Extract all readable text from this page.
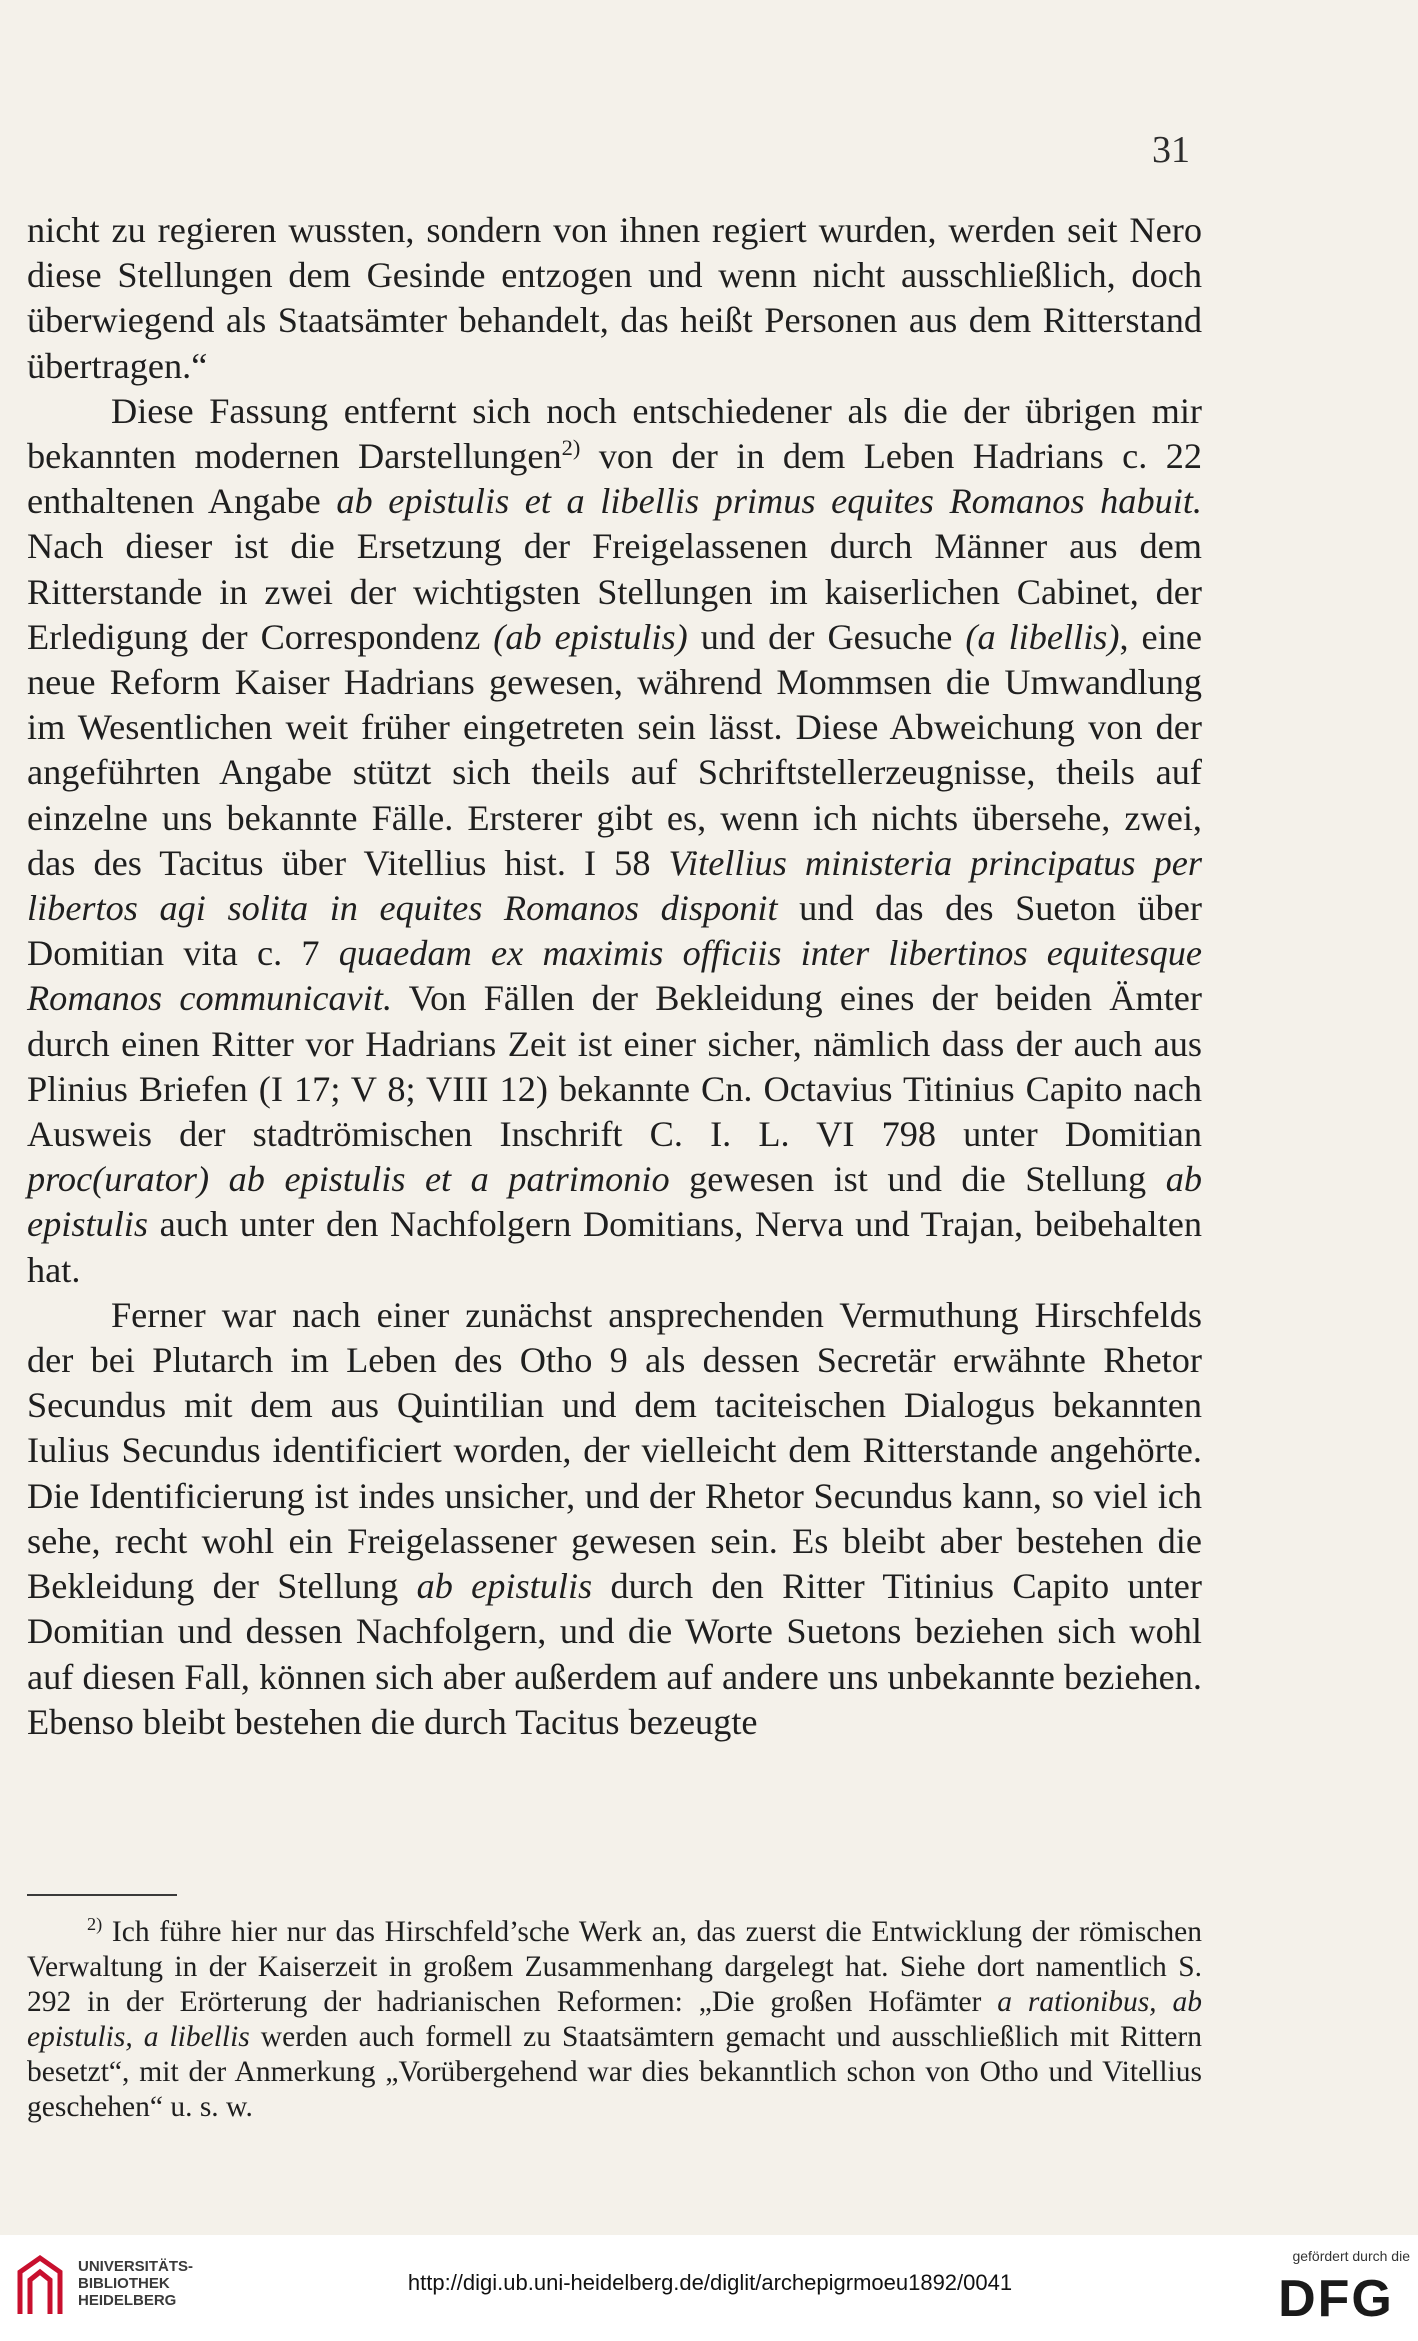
31

nicht zu regieren wussten, sondern von ihnen regiert wurden, werden seit Nero diese Stellungen dem Gesinde entzogen und wenn nicht ausschließlich, doch überwiegend als Staatsämter behandelt, das heißt Personen aus dem Ritterstand übertragen.“

Diese Fassung entfernt sich noch entschiedener als die der übrigen mir bekannten modernen Darstellungen$^{2)}$ von der in dem Leben Hadrians c. 22 enthaltenen Angabe ab epistulis et a libellis primus equites Romanos habuit. Nach dieser ist die Ersetzung der Freigelassenen durch Männer aus dem Ritterstande in zwei der wichtigsten Stellungen im kaiserlichen Cabinet, der Erledigung der Correspondenz (ab epistulis) und der Gesuche (a libellis), eine neue Reform Kaiser Hadrians gewesen, während Mommsen die Umwandlung im Wesentlichen weit früher eingetreten sein lässt. Diese Abweichung von der angeführten Angabe stützt sich theils auf Schriftstellerzeugnisse, theils auf einzelne uns bekannte Fälle. Ersterer gibt es, wenn ich nichts übersehe, zwei, das des Tacitus über Vitellius hist. I 58 Vitellius ministeria principatus per libertos agi solita in equites Romanos disponit und das des Sueton über Domitian vita c. 7 quaedam ex maximis officiis inter libertinos equitesque Romanos communicavit. Von Fällen der Bekleidung eines der beiden Ämter durch einen Ritter vor Hadrians Zeit ist einer sicher, nämlich dass der auch aus Plinius Briefen (I 17; V 8; VIII 12) bekannte Cn. Octavius Titinius Capito nach Ausweis der stadtrömischen Inschrift C. I. L. VI 798 unter Domitian proc(urator) ab epistulis et a patrimonio gewesen ist und die Stellung ab epistulis auch unter den Nachfolgern Domitians, Nerva und Trajan, beibehalten hat.

Ferner war nach einer zunächst ansprechenden Vermuthung Hirschfelds der bei Plutarch im Leben des Otho 9 als dessen Secretär erwähnte Rhetor Secundus mit dem aus Quintilian und dem taciteischen Dialogus bekannten Iulius Secundus identificiert worden, der vielleicht dem Ritterstande angehörte. Die Identificierung ist indes unsicher, und der Rhetor Secundus kann, so viel ich sehe, recht wohl ein Freigelassener gewesen sein. Es bleibt aber bestehen die Bekleidung der Stellung ab epistulis durch den Ritter Titinius Capito unter Domitian und dessen Nachfolgern, und die Worte Suetons beziehen sich wohl auf diesen Fall, können sich aber außerdem auf andere uns unbekannte beziehen. Ebenso bleibt bestehen die durch Tacitus bezeugte

$^{2)}$ Ich führe hier nur das Hirschfeld’sche Werk an, das zuerst die Entwicklung der römischen Verwaltung in der Kaiserzeit in großem Zusammenhang dargelegt hat. Siehe dort namentlich S. 292 in der Erörterung der hadrianischen Reformen: „Die großen Hofämter a rationibus, ab epistulis, a libellis werden auch formell zu Staatsämtern gemacht und ausschließlich mit Rittern besetzt“, mit der Anmerkung „Vorübergehend war dies bekanntlich schon von Otho und Vitellius geschehen“ u. s. w.

UNIVERSITÄTS-
BIBLIOTHEK
HEIDELBERG
http://digi.ub.uni-heidelberg.de/diglit/archepigrmoeu1892/0041
gefördert durch die
DFG
